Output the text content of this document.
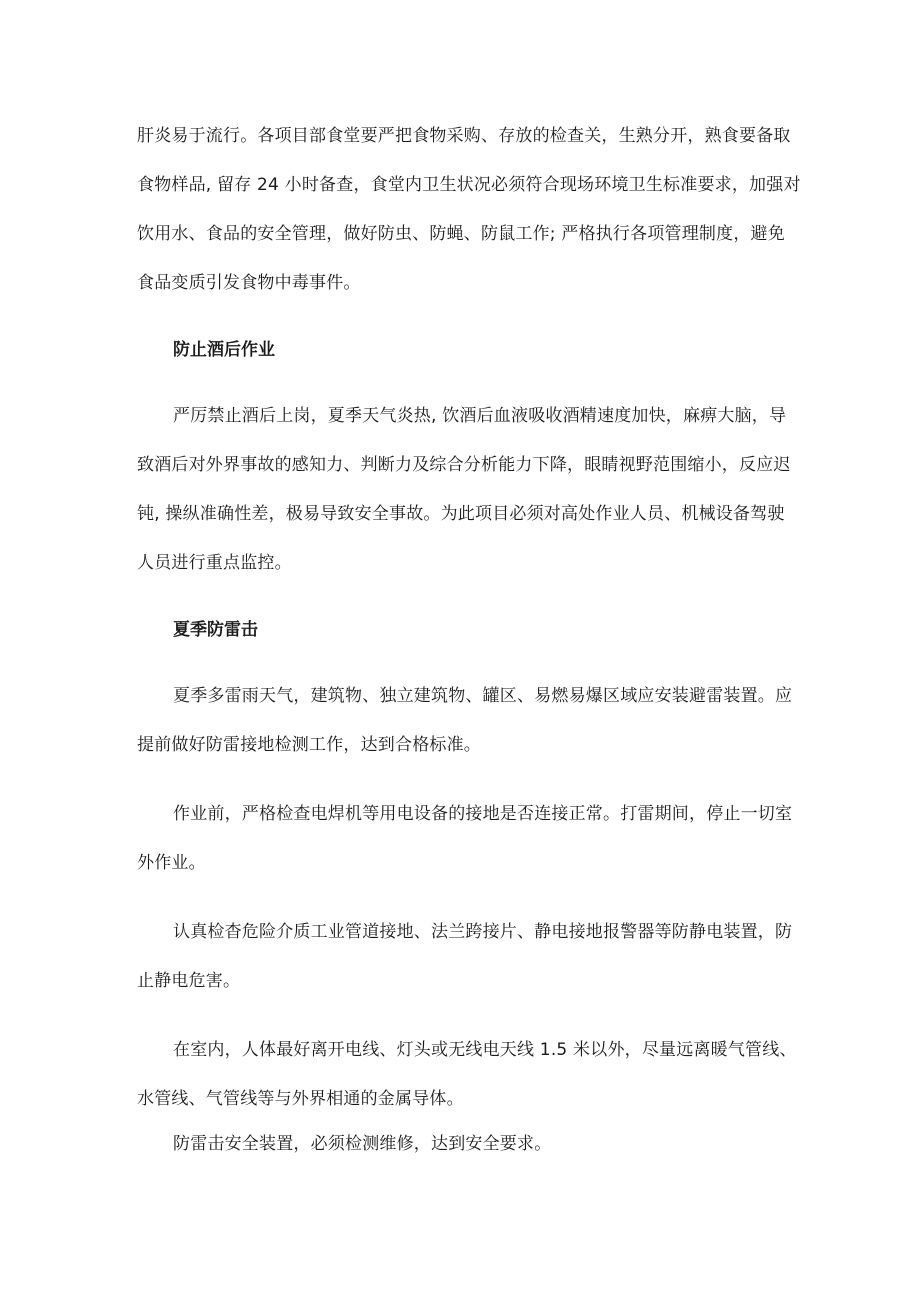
肝炎易于流行。各项目部食堂要严把食物采购、存放的检查关，生熟分开，熟食要备取
食物样品, 留存 24 小时备查，食堂内卫生状况必须符合现场环境卫生标准要求，加强对
饮用水、食品的安全管理，做好防虫、防蝇、防鼠工作; 严格执行各项管理制度，避免
食品变质引发食物中毒事件。
防止酒后作业
严厉禁止酒后上岗，夏季天气炎热, 饮酒后血液吸收酒精速度加快，麻痹大脑，导
致酒后对外界事故的感知力、判断力及综合分析能力下降，眼睛视野范围缩小，反应迟
钝, 操纵准确性差，极易导致安全事故。为此项目必须对高处作业人员、机械设备驾驶
人员进行重点监控。
夏季防雷击
夏季多雷雨天气，建筑物、独立建筑物、罐区、易燃易爆区域应安装避雷装置。应
提前做好防雷接地检测工作，达到合格标准。
作业前，严格检查电焊机等用电设备的接地是否连接正常。打雷期间，停止一切室
外作业。
认真检杳危险介质工业管道接地、法兰跨接片、静电接地报警器等防静电装置，防
止静电危害。
在室内，人体最好离开电线、灯头或无线电天线 1.5 米以外，尽量远离暖气管线、
水管线、气管线等与外界相通的金属导体。
防雷击安全装置，必须检测维修，达到安全要求。
